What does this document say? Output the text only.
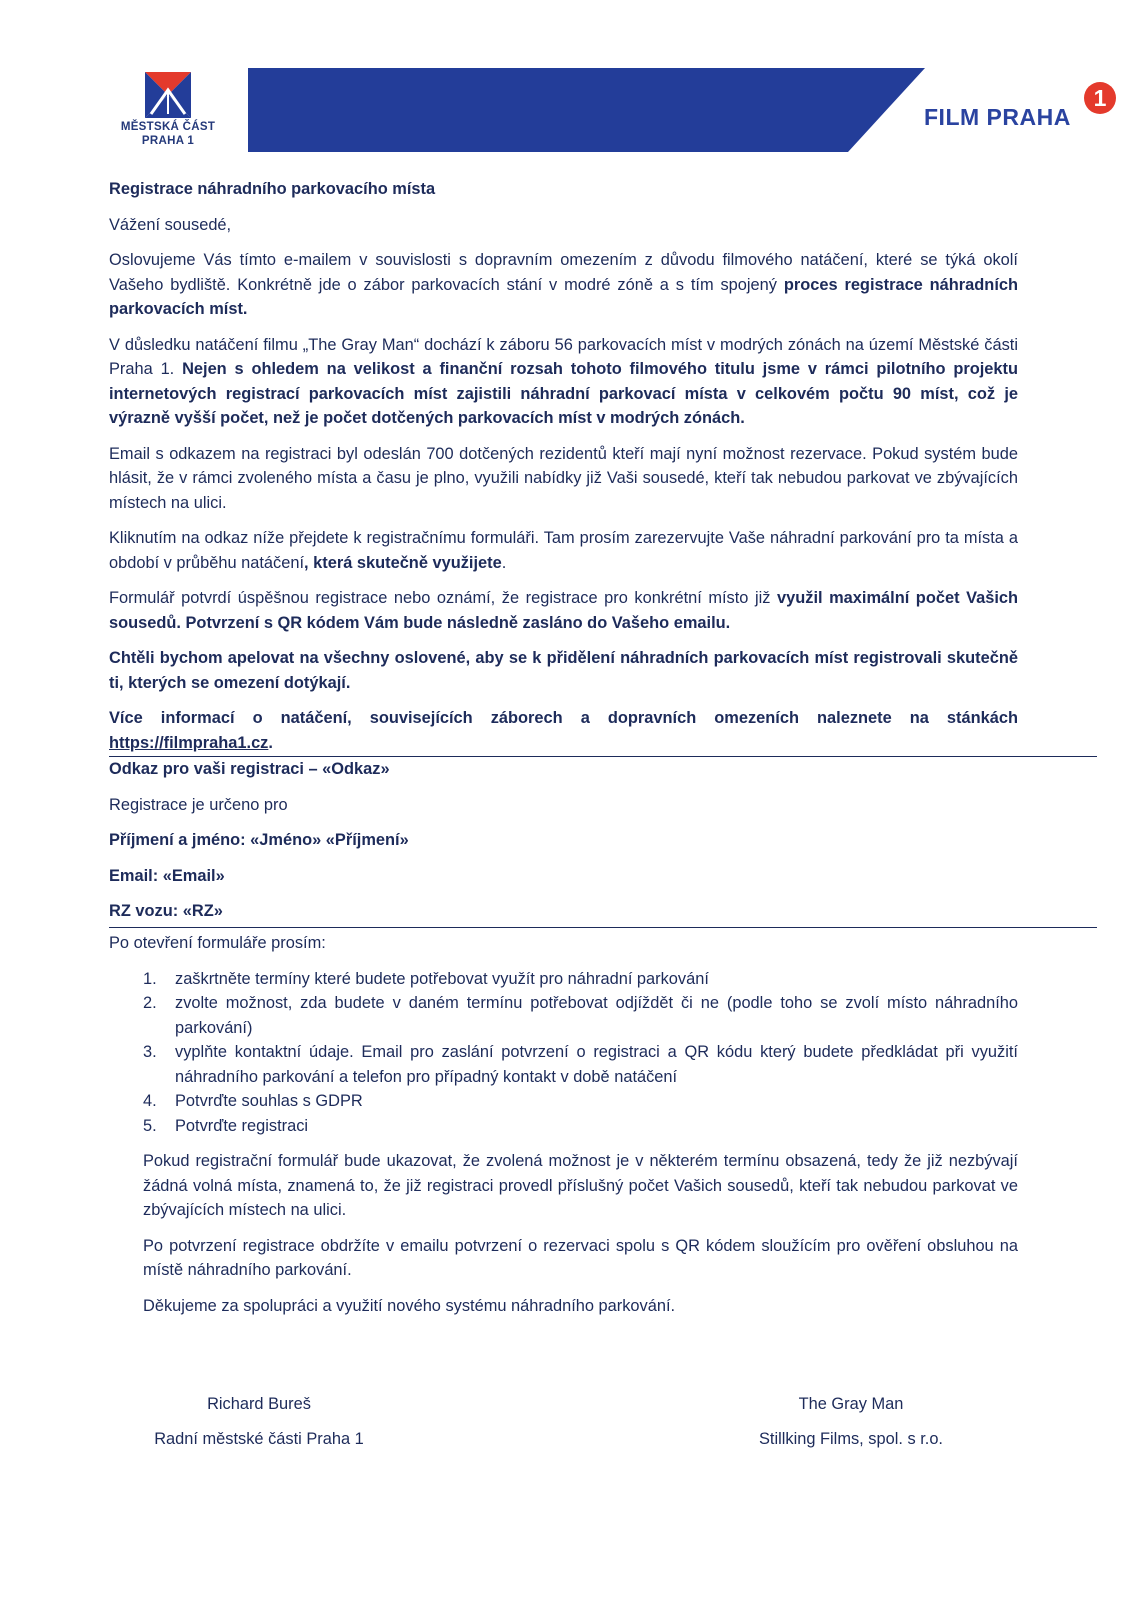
MĚSTSKÁ ČÁST
PRAHA 1
FILM PRAHA
1

Registrace náhradního parkovacího místa

Vážení sousedé,

Oslovujeme Vás tímto e-mailem v souvislosti s dopravním omezením z důvodu filmového natáčení, které se týká okolí Vašeho bydliště. Konkrétně jde o zábor parkovacích stání v modré zóně a s tím spojený proces registrace náhradních parkovacích míst.

V důsledku natáčení filmu „The Gray Man“ dochází k záboru 56 parkovacích míst v modrých zónách na území Městské části Praha 1. Nejen s ohledem na velikost a finanční rozsah tohoto filmového titulu jsme v rámci pilotního projektu internetových registrací parkovacích míst zajistili náhradní parkovací místa v celkovém počtu 90 míst, což je výrazně vyšší počet, než je počet dotčených parkovacích míst v modrých zónách.

Email s odkazem na registraci byl odeslán 700 dotčených rezidentů kteří mají nyní možnost rezervace. Pokud systém bude hlásit, že v rámci zvoleného místa a času je plno, využili nabídky již Vaši sousedé, kteří tak nebudou parkovat ve zbývajících místech na ulici.

Kliknutím na odkaz níže přejdete k registračnímu formuláři. Tam prosím zarezervujte Vaše náhradní parkování pro ta místa a období v průběhu natáčení, která skutečně využijete.

Formulář potvrdí úspěšnou registrace nebo oznámí, že registrace pro konkrétní místo již využil maximální počet Vašich sousedů. Potvrzení s QR kódem Vám bude následně zasláno do Vašeho emailu.

Chtěli bychom apelovat na všechny oslovené, aby se k přidělení náhradních parkovacích míst registrovali skutečně ti, kterých se omezení dotýkají.

Více informací o natáčení, souvisejících záborech a dopravních omezeních naleznete na stánkách https://filmpraha1.cz.

Odkaz pro vaši registraci – «Odkaz»

Registrace je určeno pro

Příjmení a jméno: «Jméno» «Příjmení»

Email: «Email»

RZ vozu: «RZ»

Po otevření formuláře prosím:

1. zaškrtněte termíny které budete potřebovat využít pro náhradní parkování
2. zvolte možnost, zda budete v daném termínu potřebovat odjíždět či ne (podle toho se zvolí místo náhradního parkování)
3. vyplňte kontaktní údaje. Email pro zaslání potvrzení o registraci a QR kódu který budete předkládat při využití náhradního parkování a telefon pro případný kontakt v době natáčení
4. Potvrďte souhlas s GDPR
5. Potvrďte registraci

Pokud registrační formulář bude ukazovat, že zvolená možnost je v některém termínu obsazená, tedy že již nezbývají žádná volná místa, znamená to, že již registraci provedl příslušný počet Vašich sousedů, kteří tak nebudou parkovat ve zbývajících místech na ulici.

Po potvrzení registrace obdržíte v emailu potvrzení o rezervaci spolu s QR kódem sloužícím pro ověření obsluhou na místě náhradního parkování.

Děkujeme za spolupráci a využití nového systému náhradního parkování.

Richard Bureš
Radní městské části Praha 1
The Gray Man
Stillking Films, spol. s r.o.
